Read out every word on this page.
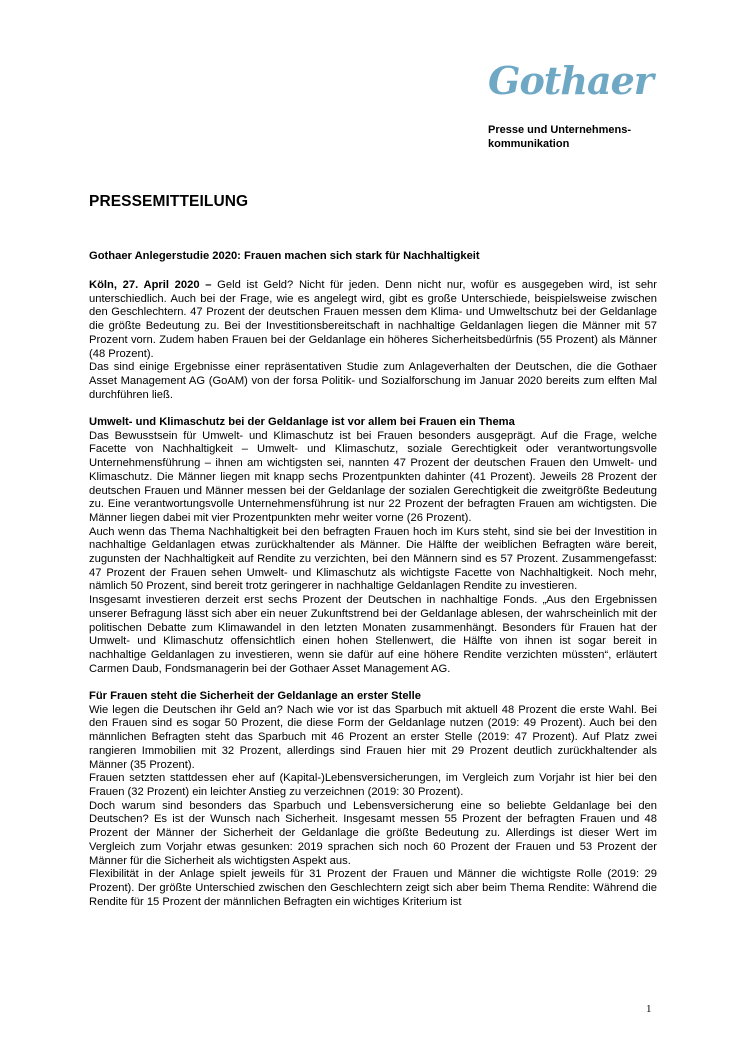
Gothaer
Presse und Unternehmens-
kommunikation
PRESSEMITTEILUNG
Gothaer Anlegerstudie 2020: Frauen machen sich stark für Nachhaltigkeit

Köln, 27. April 2020 – Geld ist Geld? Nicht für jeden. Denn nicht nur, wofür es ausgegeben wird, ist sehr unterschiedlich. Auch bei der Frage, wie es angelegt wird, gibt es große Unterschiede, beispielsweise zwischen den Geschlechtern. 47 Prozent der deutschen Frauen messen dem Klima- und Umweltschutz bei der Geldanlage die größte Bedeutung zu. Bei der Investitionsbereitschaft in nachhaltige Geldanlagen liegen die Männer mit 57 Prozent vorn. Zudem haben Frauen bei der Geldanlage ein höheres Sicherheitsbedürfnis (55 Prozent) als Männer (48 Prozent).

Das sind einige Ergebnisse einer repräsentativen Studie zum Anlageverhalten der Deutschen, die die Gothaer Asset Management AG (GoAM) von der forsa Politik- und Sozialforschung im Januar 2020 bereits zum elften Mal durchführen ließ.

Umwelt- und Klimaschutz bei der Geldanlage ist vor allem bei Frauen ein Thema

Das Bewusstsein für Umwelt- und Klimaschutz ist bei Frauen besonders ausgeprägt. Auf die Frage, welche Facette von Nachhaltigkeit – Umwelt- und Klimaschutz, soziale Gerechtigkeit oder verantwortungsvolle Unternehmensführung – ihnen am wichtigsten sei, nannten 47 Prozent der deutschen Frauen den Umwelt- und Klimaschutz. Die Männer liegen mit knapp sechs Prozentpunkten dahinter (41 Prozent). Jeweils 28 Prozent der deutschen Frauen und Männer messen bei der Geldanlage der sozialen Gerechtigkeit die zweitgrößte Bedeutung zu. Eine verantwortungsvolle Unternehmensführung ist nur 22 Prozent der befragten Frauen am wichtigsten. Die Männer liegen dabei mit vier Prozentpunkten mehr weiter vorne (26 Prozent).

Auch wenn das Thema Nachhaltigkeit bei den befragten Frauen hoch im Kurs steht, sind sie bei der Investition in nachhaltige Geldanlagen etwas zurückhaltender als Männer. Die Hälfte der weiblichen Befragten wäre bereit, zugunsten der Nachhaltigkeit auf Rendite zu verzichten, bei den Männern sind es 57 Prozent. Zusammengefasst: 47 Prozent der Frauen sehen Umwelt- und Klimaschutz als wichtigste Facette von Nachhaltigkeit. Noch mehr, nämlich 50 Prozent, sind bereit trotz geringerer in nachhaltige Geldanlagen Rendite zu investieren.

Insgesamt investieren derzeit erst sechs Prozent der Deutschen in nachhaltige Fonds. „Aus den Ergebnissen unserer Befragung lässt sich aber ein neuer Zukunftstrend bei der Geldanlage ablesen, der wahrscheinlich mit der politischen Debatte zum Klimawandel in den letzten Monaten zusammenhängt. Besonders für Frauen hat der Umwelt- und Klimaschutz offensichtlich einen hohen Stellenwert, die Hälfte von ihnen ist sogar bereit in nachhaltige Geldanlagen zu investieren, wenn sie dafür auf eine höhere Rendite verzichten müssten“, erläutert Carmen Daub, Fondsmanagerin bei der Gothaer Asset Management AG.

Für Frauen steht die Sicherheit der Geldanlage an erster Stelle

Wie legen die Deutschen ihr Geld an? Nach wie vor ist das Sparbuch mit aktuell 48 Prozent die erste Wahl. Bei den Frauen sind es sogar 50 Prozent, die diese Form der Geldanlage nutzen (2019: 49 Prozent). Auch bei den männlichen Befragten steht das Sparbuch mit 46 Prozent an erster Stelle (2019: 47 Prozent). Auf Platz zwei rangieren Immobilien mit 32 Prozent, allerdings sind Frauen hier mit 29 Prozent deutlich zurückhaltender als Männer (35 Prozent).

Frauen setzten stattdessen eher auf (Kapital-)Lebensversicherungen, im Vergleich zum Vorjahr ist hier bei den Frauen (32 Prozent) ein leichter Anstieg zu verzeichnen (2019: 30 Prozent).

Doch warum sind besonders das Sparbuch und Lebensversicherung eine so beliebte Geldanlage bei den Deutschen? Es ist der Wunsch nach Sicherheit. Insgesamt messen 55 Prozent der befragten Frauen und 48 Prozent der Männer der Sicherheit der Geldanlage die größte Bedeutung zu. Allerdings ist dieser Wert im Vergleich zum Vorjahr etwas gesunken: 2019 sprachen sich noch 60 Prozent der Frauen und 53 Prozent der Männer für die Sicherheit als wichtigsten Aspekt aus.

Flexibilität in der Anlage spielt jeweils für 31 Prozent der Frauen und Männer die wichtigste Rolle (2019: 29 Prozent). Der größte Unterschied zwischen den Geschlechtern zeigt sich aber beim Thema Rendite: Während die Rendite für 15 Prozent der männlichen Befragten ein wichtiges Kriterium ist

1
